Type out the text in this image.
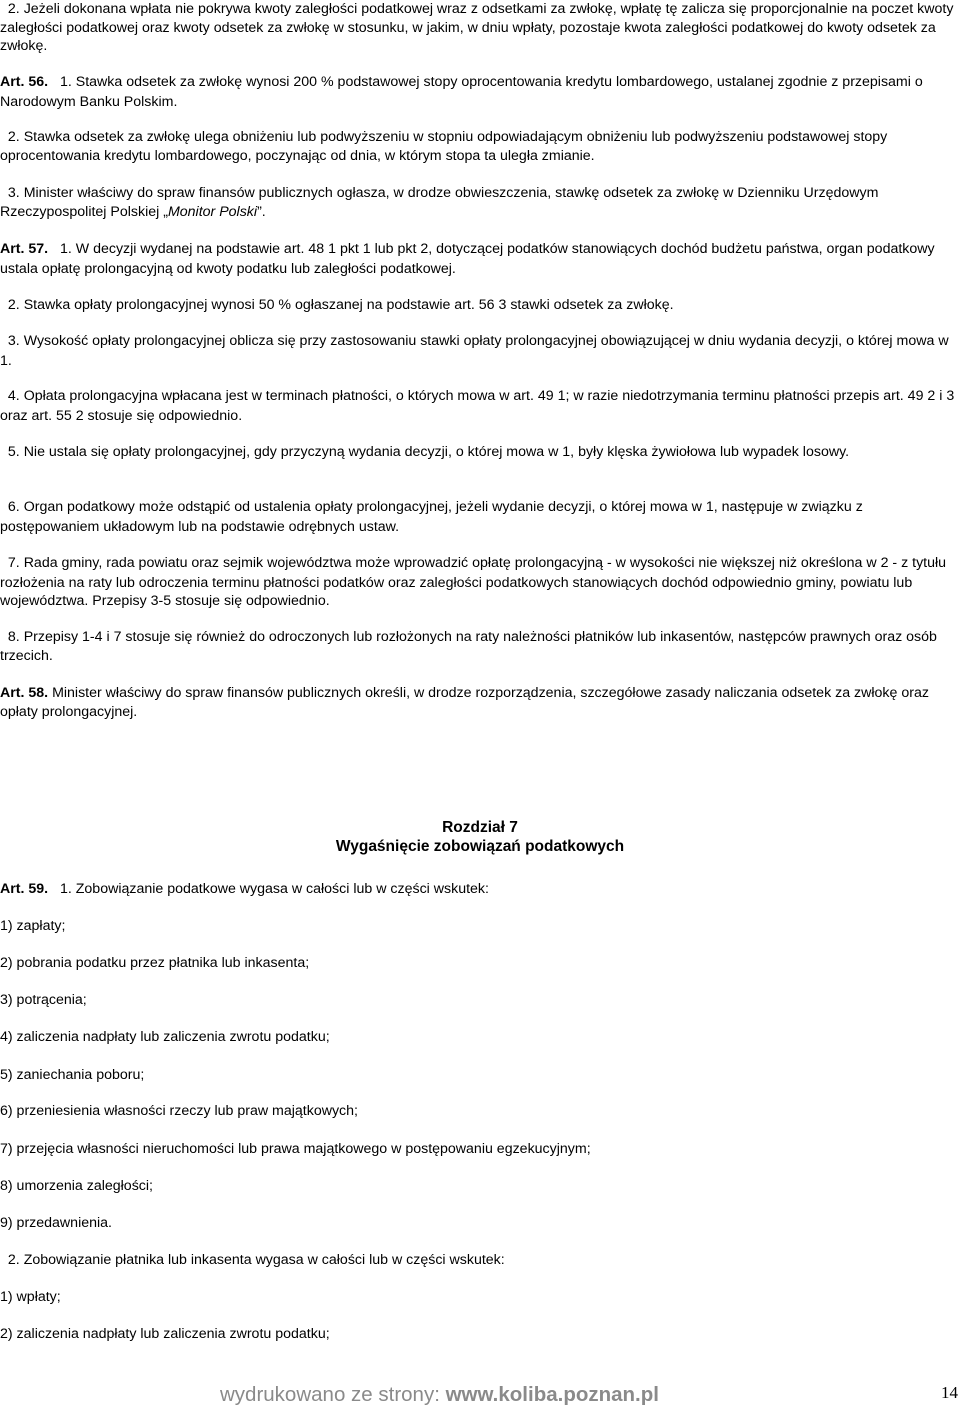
2. Jeżeli dokonana wpłata nie pokrywa kwoty zaległości podatkowej wraz z odsetkami za zwłokę, wpłatę tę zalicza się proporcjonalnie na poczet kwoty zaległości podatkowej oraz kwoty odsetek za zwłokę w stosunku, w jakim, w dniu wpłaty, pozostaje kwota zaległości podatkowej do kwoty odsetek za zwłokę.

Art. 56. 1. Stawka odsetek za zwłokę wynosi 200 % podstawowej stopy oprocentowania kredytu lombardowego, ustalanej zgodnie z przepisami o Narodowym Banku Polskim.

2. Stawka odsetek za zwłokę ulega obniżeniu lub podwyższeniu w stopniu odpowiadającym obniżeniu lub podwyższeniu podstawowej stopy oprocentowania kredytu lombardowego, poczynając od dnia, w którym stopa ta uległa zmianie.

3. Minister właściwy do spraw finansów publicznych ogłasza, w drodze obwieszczenia, stawkę odsetek za zwłokę w Dzienniku Urzędowym Rzeczypospolitej Polskiej „Monitor Polski”.

Art. 57. 1. W decyzji wydanej na podstawie art. 48 1 pkt 1 lub pkt 2, dotyczącej podatków stanowiących dochód budżetu państwa, organ podatkowy ustala opłatę prolongacyjną od kwoty podatku lub zaległości podatkowej.

2. Stawka opłaty prolongacyjnej wynosi 50 % ogłaszanej na podstawie art. 56 3 stawki odsetek za zwłokę.

3. Wysokość opłaty prolongacyjnej oblicza się przy zastosowaniu stawki opłaty prolongacyjnej obowiązującej w dniu wydania decyzji, o której mowa w 1.

4. Opłata prolongacyjna wpłacana jest w terminach płatności, o których mowa w art. 49 1; w razie niedotrzymania terminu płatności przepis art. 49 2 i 3 oraz art. 55 2 stosuje się odpowiednio.

5. Nie ustala się opłaty prolongacyjnej, gdy przyczyną wydania decyzji, o której mowa w 1, były klęska żywiołowa lub wypadek losowy.

6. Organ podatkowy może odstąpić od ustalenia opłaty prolongacyjnej, jeżeli wydanie decyzji, o której mowa w 1, następuje w związku z postępowaniem układowym lub na podstawie odrębnych ustaw.

7. Rada gminy, rada powiatu oraz sejmik województwa może wprowadzić opłatę prolongacyjną - w wysokości nie większej niż określona w 2 - z tytułu rozłożenia na raty lub odroczenia terminu płatności podatków oraz zaległości podatkowych stanowiących dochód odpowiednio gminy, powiatu lub województwa. Przepisy 3-5 stosuje się odpowiednio.

8. Przepisy 1-4 i 7 stosuje się również do odroczonych lub rozłożonych na raty należności płatników lub inkasentów, następców prawnych oraz osób trzecich.

Art. 58. Minister właściwy do spraw finansów publicznych określi, w drodze rozporządzenia, szczegółowe zasady naliczania odsetek za zwłokę oraz opłaty prolongacyjnej.

Rozdział 7
Wygaśnięcie zobowiązań podatkowych

Art. 59. 1. Zobowiązanie podatkowe wygasa w całości lub w części wskutek:

1) zapłaty;

2) pobrania podatku przez płatnika lub inkasenta;

3) potrącenia;

4) zaliczenia nadpłaty lub zaliczenia zwrotu podatku;

5) zaniechania poboru;

6) przeniesienia własności rzeczy lub praw majątkowych;

7) przejęcia własności nieruchomości lub prawa majątkowego w postępowaniu egzekucyjnym;

8) umorzenia zaległości;

9) przedawnienia.

2. Zobowiązanie płatnika lub inkasenta wygasa w całości lub w części wskutek:

1) wpłaty;

2) zaliczenia nadpłaty lub zaliczenia zwrotu podatku;

wydrukowano ze strony: www.koliba.poznan.pl	14
